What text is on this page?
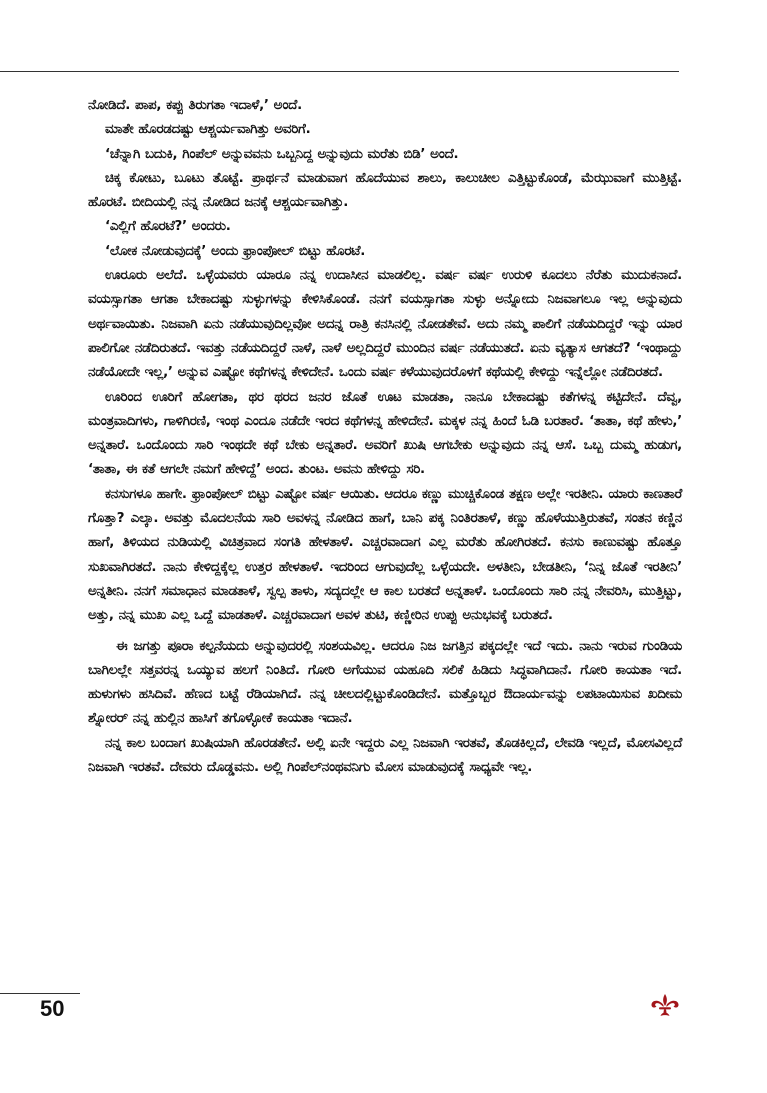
ನೋಡಿದೆ. ಪಾಪ, ಕಪ್ಪು ತಿರುಗತಾ ಇದಾಳೆ,’ ಅಂದೆ.

ಮಾತೇ ಹೊರಡದಷ್ಟು ಆಶ್ಚರ್ಯವಾಗಿತ್ತು ಅವರಿಗೆ.

‘ಚೆನ್ನಾಗಿ ಬದುಕಿ, ಗಿಂಪೆಲ್ ಅನ್ನುವವನು ಒಬ್ಬನಿದ್ದ ಅನ್ನುವುದು ಮರೆತು ಬಿಡಿ’ ಅಂದೆ.

ಚಿಕ್ಕ ಕೋಟು, ಬೂಟು ತೊಟ್ಟೆ. ಪ್ರಾರ್ಥನೆ ಮಾಡುವಾಗ ಹೊದೆಯುವ ಶಾಲು, ಕಾಲುಚೀಲ ಎತ್ತಿಟ್ಟುಕೊಂಡೆ, ಮೆಝುವಾಗೆ ಮುತ್ತಿಟ್ಟೆ. ಹೊರಟೆ. ಬೀದಿಯಲ್ಲಿ ನನ್ನ ನೋಡಿದ ಜನಕ್ಕೆ ಆಶ್ಚರ್ಯವಾಗಿತ್ತು.

‘ಎಲ್ಲಿಗೆ ಹೊರಟೆ?’ ಅಂದರು.

‘ಲೋಕ ನೋಡುವುದಕ್ಕೆ’ ಅಂದು ಫ್ರಾಂಪೋಲ್ ಬಿಟ್ಟು ಹೊರಟೆ.

ಊರೂರು ಅಲೆದೆ. ಒಳ್ಳೆಯವರು ಯಾರೂ ನನ್ನ ಉದಾಸೀನ ಮಾಡಲಿಲ್ಲ. ವರ್ಷ ವರ್ಷ ಉರುಳಿ ಕೂದಲು ನೆರೆತು ಮುದುಕನಾದೆ. ವಯಸ್ಸಾಗತಾ ಆಗತಾ ಬೇಕಾದಷ್ಟು ಸುಳ್ಳುಗಳನ್ನು ಕೇಳಿಸಿಕೊಂಡೆ. ನನಗೆ ವಯಸ್ಸಾಗತಾ ಸುಳ್ಳು ಅನ್ನೋದು ನಿಜವಾಗಲೂ ಇಲ್ಲ ಅನ್ನುವುದು ಅರ್ಥವಾಯಿತು. ನಿಜವಾಗಿ ಏನು ನಡೆಯುವುದಿಲ್ಲವೋ ಅದನ್ನ ರಾತ್ರಿ ಕನಸಿನಲ್ಲಿ ನೋಡತೇವೆ. ಅದು ನಮ್ಮ ಪಾಲಿಗೆ ನಡೆಯದಿದ್ದರೆ ಇನ್ನು ಯಾರ ಪಾಲಿಗೋ ನಡೆದಿರುತದೆ. ಇವತ್ತು ನಡೆಯದಿದ್ದರೆ ನಾಳೆ, ನಾಳೆ ಅಲ್ಲದಿದ್ದರೆ ಮುಂದಿನ ವರ್ಷ ನಡೆಯುತದೆ. ಏನು ವ್ಯತ್ಯಾಸ ಆಗತದೆ? ‘ಇಂಥಾದ್ದು ನಡೆಯೋದೇ ಇಲ್ಲ,’ ಅನ್ನುವ ಎಷ್ಟೋ ಕಥೆಗಳನ್ನ ಕೇಳಿದೇನೆ. ಒಂದು ವರ್ಷ ಕಳೆಯುವುದರೊಳಗೆ ಕಥೆಯಲ್ಲಿ ಕೇಳಿದ್ದು ಇನ್ನೆಲ್ಲೋ ನಡೆದಿರತದೆ.

ಊರಿಂದ ಊರಿಗೆ ಹೋಗತಾ, ಥರ ಥರದ ಜನರ ಜೊತೆ ಊಟ ಮಾಡತಾ, ನಾನೂ ಬೇಕಾದಷ್ಟು ಕತೆಗಳನ್ನ ಕಟ್ಟಿದೇನೆ. ದೆವ್ವ, ಮಂತ್ರವಾದಿಗಳು, ಗಾಳಿಗಿರಣಿ, ಇಂಥ ಎಂದೂ ನಡೆದೇ ಇರದ ಕಥೆಗಳನ್ನ ಹೇಳಿದೇನೆ. ಮಕ್ಕಳ ನನ್ನ ಹಿಂದೆ ಓಡಿ ಬರತಾರೆ. ‘ತಾತಾ, ಕಥೆ ಹೇಳು,’ ಅನ್ನತಾರೆ. ಒಂದೊಂದು ಸಾರಿ ಇಂಥದೇ ಕಥೆ ಬೇಕು ಅನ್ನತಾರೆ. ಅವರಿಗೆ ಖುಷಿ ಆಗಬೇಕು ಅನ್ನುವುದು ನನ್ನ ಆಸೆ. ಒಬ್ಬ ದುಮ್ಮ ಹುಡುಗ, ‘ತಾತಾ, ಈ ಕತೆ ಆಗಲೇ ನಮಗೆ ಹೇಳಿದ್ದೆ’ ಅಂದ. ತುಂಟ. ಅವನು ಹೇಳಿದ್ದು ಸರಿ.

ಕನಸುಗಳೂ ಹಾಗೇ. ಫ್ರಾಂಪೋಲ್ ಬಿಟ್ಟು ಎಷ್ಟೋ ವರ್ಷ ಆಯಿತು. ಆದರೂ ಕಣ್ಣು ಮುಚ್ಚಿಕೊಂಡ ತಕ್ಷಣ ಅಲ್ಲೇ ಇರತೀನಿ. ಯಾರು ಕಾಣತಾರೆ ಗೊತ್ತಾ? ಎಲ್ಕಾ. ಅವತ್ತು ಮೊದಲನೆಯ ಸಾರಿ ಅವಳನ್ನ ನೋಡಿದ ಹಾಗೆ, ಬಾನಿ ಪಕ್ಕ ನಿಂತಿರತಾಳೆ, ಕಣ್ಣು ಹೊಳೆಯುತ್ತಿರುತವೆ, ಸಂತನ ಕಣ್ಣಿನ ಹಾಗೆ, ತಿಳಿಯದ ನುಡಿಯಲ್ಲಿ ವಿಚಿತ್ರವಾದ ಸಂಗತಿ ಹೇಳತಾಳೆ. ಎಚ್ಚರವಾದಾಗ ಎಲ್ಲ ಮರೆತು ಹೋಗಿರತದೆ. ಕನಸು ಕಾಣುವಷ್ಟು ಹೊತ್ತೂ ಸುಖವಾಗಿರತದೆ. ನಾನು ಕೇಳಿದ್ದಕ್ಕೆಲ್ಲ ಉತ್ತರ ಹೇಳತಾಳೆ. ಇದರಿಂದ ಆಗುವುದೆಲ್ಲ ಒಳ್ಳೆಯದೇ. ಅಳತೀನಿ, ಬೇಡತೀನಿ, ‘ನಿನ್ನ ಜೊತೆ ಇರತೀನಿ’ ಅನ್ನತೀನಿ. ನನಗೆ ಸಮಾಧಾನ ಮಾಡತಾಳೆ, ಸ್ವಲ್ಪ ತಾಳು, ಸದ್ಯದಲ್ಲೇ ಆ ಕಾಲ ಬರತದೆ ಅನ್ನತಾಳೆ. ಒಂದೊಂದು ಸಾರಿ ನನ್ನ ನೇವರಿಸಿ, ಮುತ್ತಿಟ್ಟು, ಅತ್ತು, ನನ್ನ ಮುಖ ಎಲ್ಲ ಒದ್ದೆ ಮಾಡತಾಳೆ. ಎಚ್ಚರವಾದಾಗ ಅವಳ ತುಟಿ, ಕಣ್ಣೀರಿನ ಉಪ್ಪು ಅನುಭವಕ್ಕೆ ಬರುತದೆ.

ಈ ಜಗತ್ತು ಪೂರಾ ಕಲ್ಪನೆಯದು ಅನ್ನುವುದರಲ್ಲಿ ಸಂಶಯವಿಲ್ಲ. ಆದರೂ ನಿಜ ಜಗತ್ತಿನ ಪಕ್ಕದಲ್ಲೇ ಇದೆ ಇದು. ನಾನು ಇರುವ ಗುಂಡಿಯ ಬಾಗಿಲಲ್ಲೇ ಸತ್ತವರನ್ನ ಒಯ್ಯುವ ಹಲಗೆ ನಿಂತಿದೆ. ಗೋರಿ ಅಗೆಯುವ ಯಹೂದಿ ಸಲಿಕೆ ಹಿಡಿದು ಸಿದ್ಧವಾಗಿದಾನೆ. ಗೋರಿ ಕಾಯತಾ ಇದೆ. ಹುಳುಗಳು ಹಸಿದಿವೆ. ಹೆಣದ ಬಟ್ಟೆ ರೆಡಿಯಾಗಿದೆ. ನನ್ನ ಚೀಲದಲ್ಲಿಟ್ಟುಕೊಂಡಿದೇನೆ. ಮತ್ತೊಬ್ಬರ ಔದಾರ್ಯವನ್ನು ಲಪಟಾಯಿಸುವ ಖದೀಮ ಶ್ನೋರರ್ ನನ್ನ ಹುಲ್ಲಿನ ಹಾಸಿಗೆ ತಗೊಳ್ಳೋಕೆ ಕಾಯತಾ ಇದಾನೆ.

ನನ್ನ ಕಾಲ ಬಂದಾಗ ಖುಷಿಯಾಗಿ ಹೊರಡತೇನೆ. ಅಲ್ಲಿ ಏನೇ ಇದ್ದರು ಎಲ್ಲ ನಿಜವಾಗಿ ಇರತವೆ, ತೊಡಕಿಲ್ಲದೆ, ಲೇವಡಿ ಇಲ್ಲದೆ, ಮೋಸವಿಲ್ಲದೆ ನಿಜವಾಗಿ ಇರತವೆ. ದೇವರು ದೊಡ್ಡವನು. ಅಲ್ಲಿ ಗಿಂಪೆಲ್‌ನಂಥವನಿಗು ಮೋಸ ಮಾಡುವುದಕ್ಕೆ ಸಾಧ್ಯವೇ ಇಲ್ಲ.

50
